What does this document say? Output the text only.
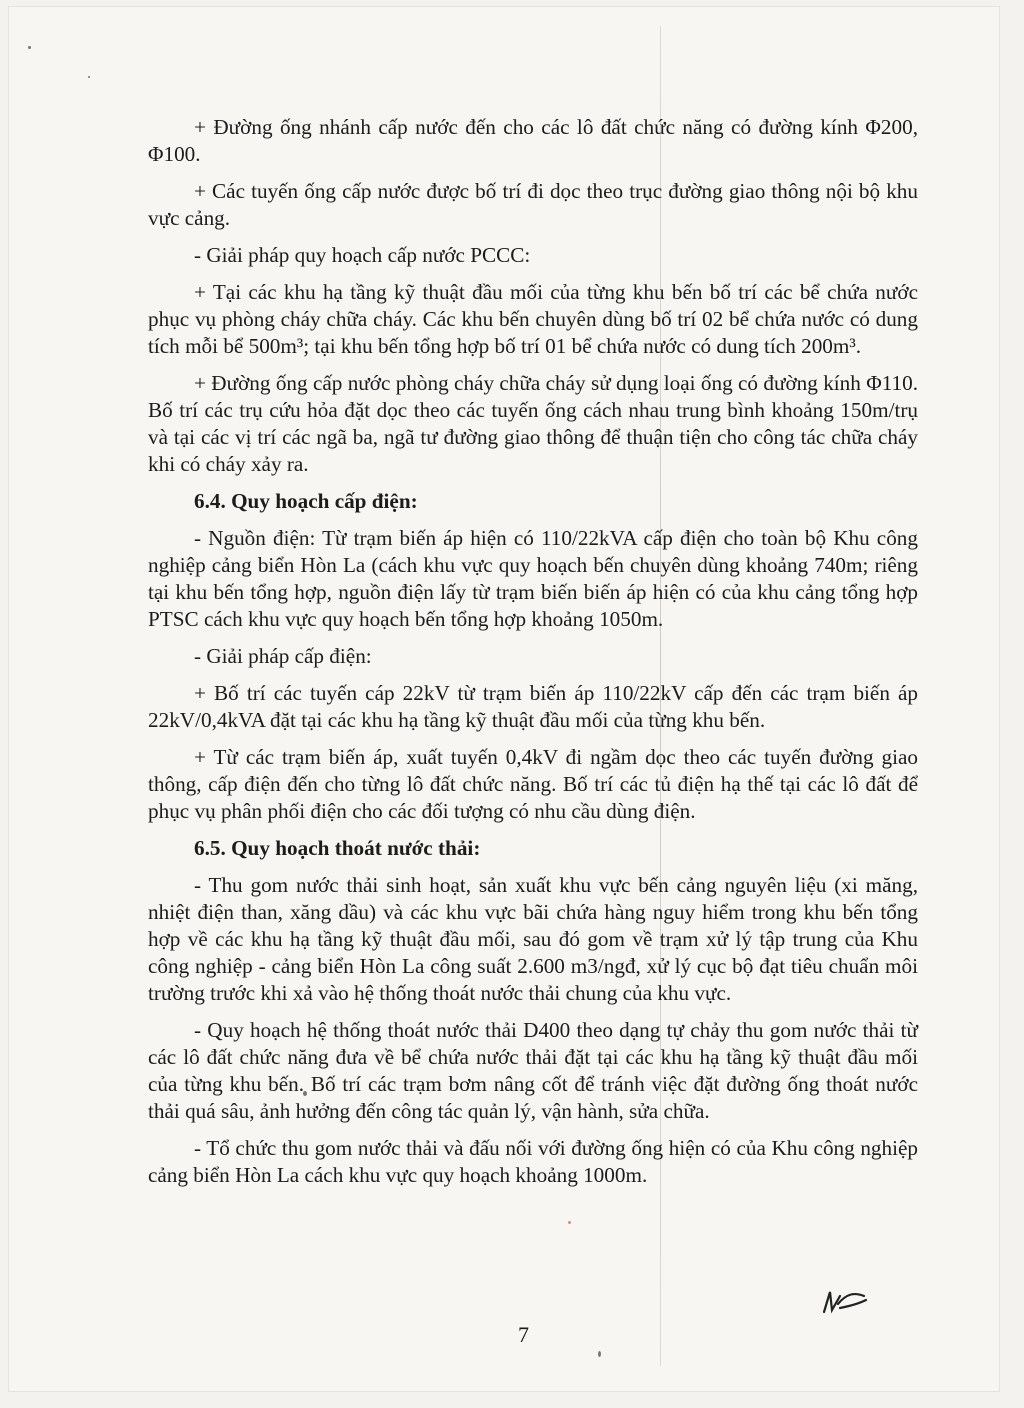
+ Đường ống nhánh cấp nước đến cho các lô đất chức năng có đường kính Φ200, Φ100.

+ Các tuyến ống cấp nước được bố trí đi dọc theo trục đường giao thông nội bộ khu vực cảng.

- Giải pháp quy hoạch cấp nước PCCC:

+ Tại các khu hạ tầng kỹ thuật đầu mối của từng khu bến bố trí các bể chứa nước phục vụ phòng cháy chữa cháy. Các khu bến chuyên dùng bố trí 02 bể chứa nước có dung tích mỗi bể 500m³; tại khu bến tổng hợp bố trí 01 bể chứa nước có dung tích 200m³.

+ Đường ống cấp nước phòng cháy chữa cháy sử dụng loại ống có đường kính Φ110. Bố trí các trụ cứu hỏa đặt dọc theo các tuyến ống cách nhau trung bình khoảng 150m/trụ và tại các vị trí các ngã ba, ngã tư đường giao thông để thuận tiện cho công tác chữa cháy khi có cháy xảy ra.

6.4. Quy hoạch cấp điện:

- Nguồn điện: Từ trạm biến áp hiện có 110/22kVA cấp điện cho toàn bộ Khu công nghiệp cảng biển Hòn La (cách khu vực quy hoạch bến chuyên dùng khoảng 740m; riêng tại khu bến tổng hợp, nguồn điện lấy từ trạm biến biến áp hiện có của khu cảng tổng hợp PTSC cách khu vực quy hoạch bến tổng hợp khoảng 1050m.

- Giải pháp cấp điện:

+ Bố trí các tuyến cáp 22kV từ trạm biến áp 110/22kV cấp đến các trạm biến áp 22kV/0,4kVA đặt tại các khu hạ tầng kỹ thuật đầu mối của từng khu bến.

+ Từ các trạm biến áp, xuất tuyến 0,4kV đi ngầm dọc theo các tuyến đường giao thông, cấp điện đến cho từng lô đất chức năng. Bố trí các tủ điện hạ thế tại các lô đất để phục vụ phân phối điện cho các đối tượng có nhu cầu dùng điện.

6.5. Quy hoạch thoát nước thải:

- Thu gom nước thải sinh hoạt, sản xuất khu vực bến cảng nguyên liệu (xi măng, nhiệt điện than, xăng dầu) và các khu vực bãi chứa hàng nguy hiểm trong khu bến tổng hợp về các khu hạ tầng kỹ thuật đầu mối, sau đó gom về trạm xử lý tập trung của Khu công nghiệp - cảng biển Hòn La công suất 2.600 m3/ngđ, xử lý cục bộ đạt tiêu chuẩn môi trường trước khi xả vào hệ thống thoát nước thải chung của khu vực.

- Quy hoạch hệ thống thoát nước thải D400 theo dạng tự chảy thu gom nước thải từ các lô đất chức năng đưa về bể chứa nước thải đặt tại các khu hạ tầng kỹ thuật đầu mối của từng khu bến. Bố trí các trạm bơm nâng cốt để tránh việc đặt đường ống thoát nước thải quá sâu, ảnh hưởng đến công tác quản lý, vận hành, sửa chữa.

- Tổ chức thu gom nước thải và đấu nối với đường ống hiện có của Khu công nghiệp cảng biển Hòn La cách khu vực quy hoạch khoảng 1000m.

7
